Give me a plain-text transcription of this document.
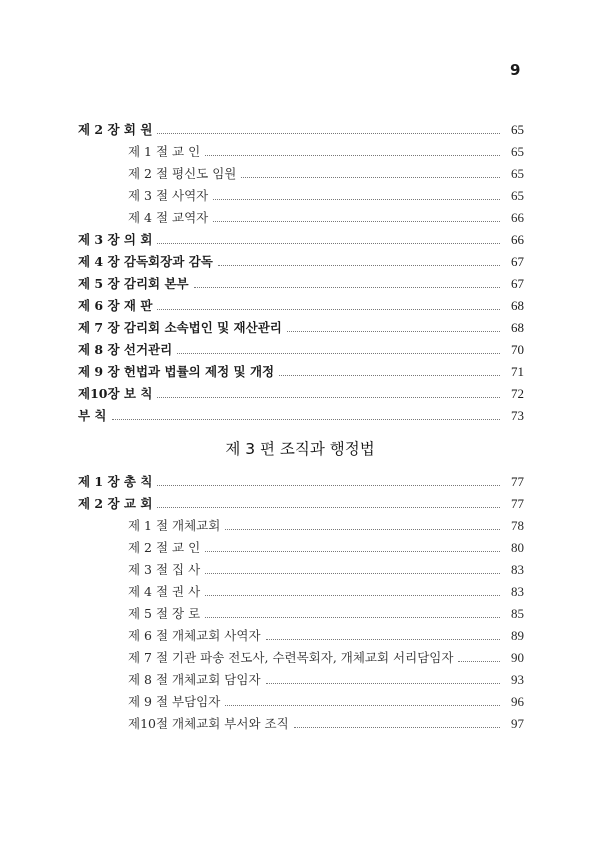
9
제 2 장 회 원	65
제 1 절 교 인	65
제 2 절 평신도 임원	65
제 3 절 사역자	65
제 4 절 교역자	66
제 3 장 의 회	66
제 4 장 감독회장과 감독	67
제 5 장 감리회 본부	67
제 6 장 재 판	68
제 7 장 감리회 소속법인 및 재산관리	68
제 8 장 선거관리	70
제 9 장 헌법과 법률의 제정 및 개정	71
제10장 보 칙	72
부 칙	73
제 3 편 조직과 행정법
제 1 장 총 칙	77
제 2 장 교 회	77
제 1 절 개체교회	78
제 2 절 교 인	80
제 3 절 집 사	83
제 4 절 권 사	83
제 5 절 장 로	85
제 6 절 개체교회 사역자	89
제 7 절 기관 파송 전도사, 수련목회자, 개체교회 서리담임자	90
제 8 절 개체교회 담임자	93
제 9 절 부담임자	96
제10절 개체교회 부서와 조직	97
